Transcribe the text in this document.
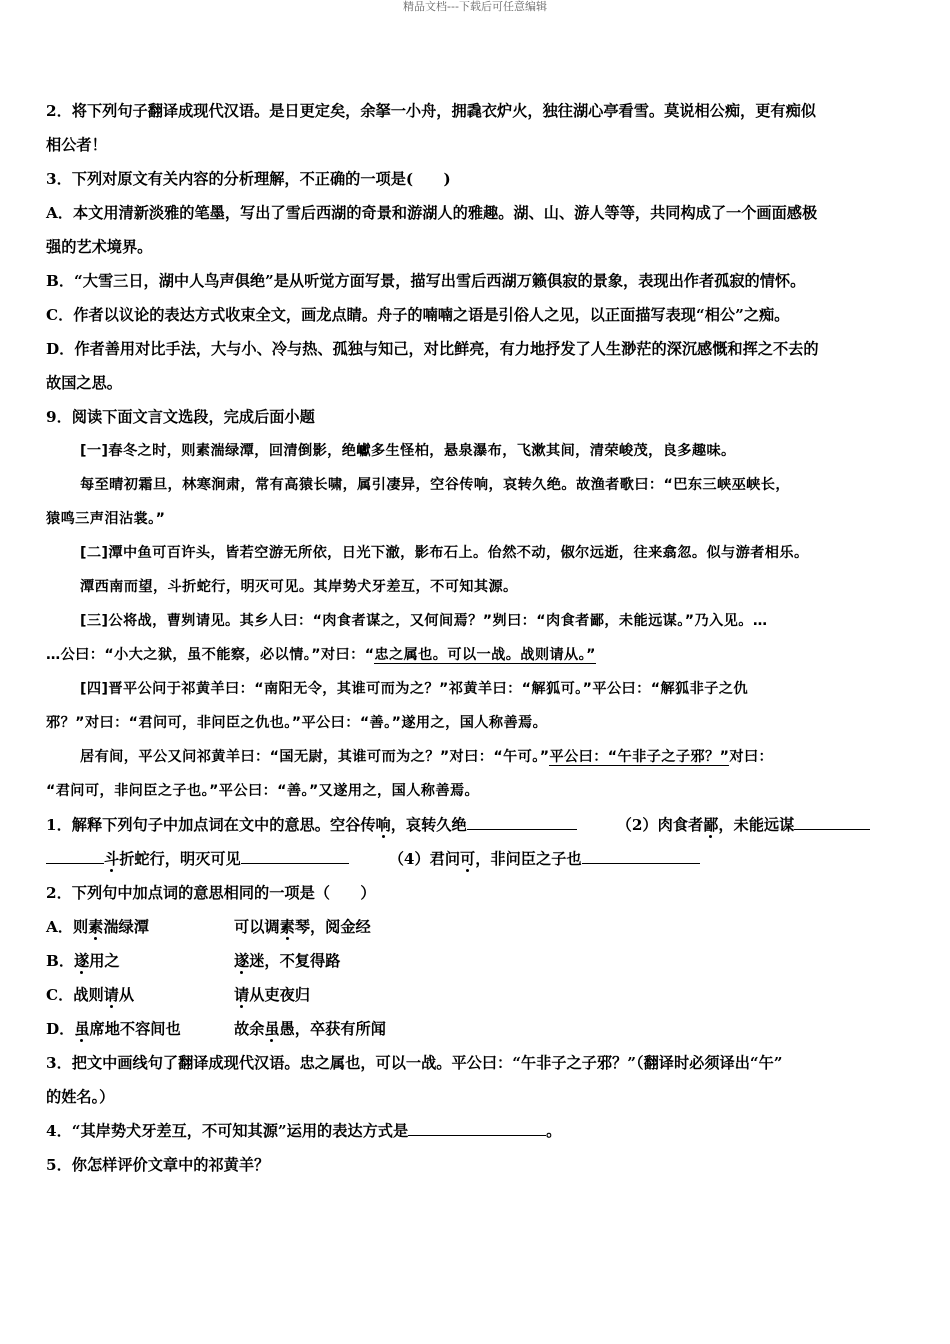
精品文档---下载后可任意编辑
2．将下列句子翻译成现代汉语。是日更定矣，余拏一小舟，拥毳衣炉火，独往湖心亭看雪。莫说相公痴，更有痴似
相公者！
3．下列对原文有关内容的分析理解，不正确的一项是(　　)
A．本文用清新淡雅的笔墨，写出了雪后西湖的奇景和游湖人的雅趣。湖、山、游人等等，共同构成了一个画面感极
强的艺术境界。
B．“大雪三日，湖中人鸟声俱绝”是从听觉方面写景，描写出雪后西湖万籁俱寂的景象，表现出作者孤寂的情怀。
C．作者以议论的表达方式收束全文，画龙点睛。舟子的喃喃之语是引俗人之见，以正面描写表现“相公”之痴。
D．作者善用对比手法，大与小、冷与热、孤独与知己，对比鲜亮，有力地抒发了人生渺茫的深沉感慨和挥之不去的
故国之思。
9．阅读下面文言文选段，完成后面小题
[一]春冬之时，则素湍绿潭，回清倒影，绝巘多生怪柏，悬泉瀑布，飞漱其间，清荣峻茂，良多趣味。
每至晴初霜旦，林寒涧肃，常有高猿长啸，属引凄异，空谷传响，哀转久绝。故渔者歌曰：“巴东三峡巫峡长，
猿鸣三声泪沾裳。”
[二]潭中鱼可百许头，皆若空游无所依，日光下澈，影布石上。佁然不动，俶尔远逝，往来翕忽。似与游者相乐。
潭西南而望，斗折蛇行，明灭可见。其岸势犬牙差互，不可知其源。
[三]公将战，曹刿请见。其乡人曰：“肉食者谋之，又何间焉？”刿曰：“肉食者鄙，未能远谋。”乃入见。…
…公曰：“小大之狱，虽不能察，必以情。”对曰：“忠之属也。可以一战。战则请从。”
[四]晋平公问于祁黄羊曰：“南阳无令，其谁可而为之？”祁黄羊曰：“解狐可。”平公曰：“解狐非子之仇
邪？”对曰：“君问可，非问臣之仇也。”平公曰：“善。”遂用之，国人称善焉。
居有间，平公又问祁黄羊曰：“国无尉，其谁可而为之？”对曰：“午可。”平公曰：“午非子之子邪？”对曰：
“君问可，非问臣之子也。”平公曰：“善。”又遂用之，国人称善焉。
1．解释下列句子中加点词在文中的意思。空谷传响，哀转久绝	（2）肉食者鄙，未能远谋
斗折蛇行，明灭可见	（4）君问可，非问臣之子也
2．下列句中加点词的意思相同的一项是（　　）
A．则素湍绿潭	可以调素琴，阅金经
B．遂用之	遂迷，不复得路
C．战则请从	请从吏夜归
D．虽席地不容间也	故余虽愚，卒获有所闻
3．把文中画线句了翻译成现代汉语。忠之属也，可以一战。平公曰：“午非子之子邪？”（翻译时必须译出“午”
的姓名。）
4．“其岸势犬牙差互，不可知其源”运用的表达方式是	。
5．你怎样评价文章中的祁黄羊？
